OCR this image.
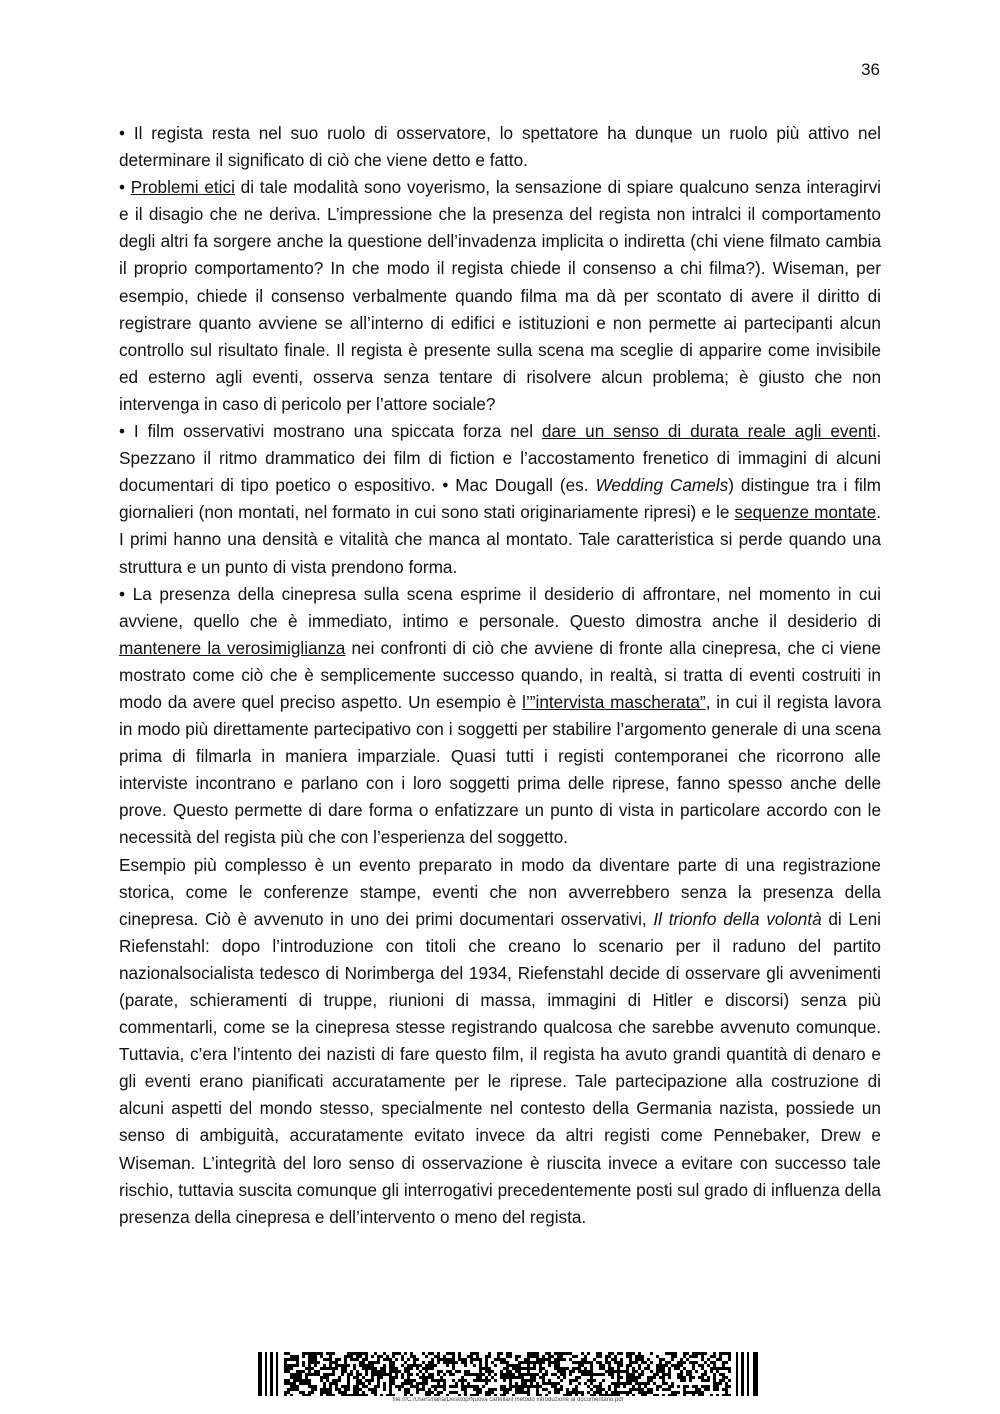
36

• Il regista resta nel suo ruolo di osservatore, lo spettatore ha dunque un ruolo più attivo nel determinare il significato di ciò che viene detto e fatto.

• Problemi etici di tale modalità sono voyerismo, la sensazione di spiare qualcuno senza interagirvi e il disagio che ne deriva. L’impressione che la presenza del regista non intralci il comportamento degli altri fa sorgere anche la questione dell’invadenza implicita o indiretta (chi viene filmato cambia il proprio comportamento? In che modo il regista chiede il consenso a chi filma?). Wiseman, per esempio, chiede il consenso verbalmente quando filma ma dà per scontato di avere il diritto di registrare quanto avviene se all’interno di edifici e istituzioni e non permette ai partecipanti alcun controllo sul risultato finale. Il regista è presente sulla scena ma sceglie di apparire come invisibile ed esterno agli eventi, osserva senza tentare di risolvere alcun problema; è giusto che non intervenga in caso di pericolo per l’attore sociale?

• I film osservativi mostrano una spiccata forza nel dare un senso di durata reale agli eventi. Spezzano il ritmo drammatico dei film di fiction e l’accostamento frenetico di immagini di alcuni documentari di tipo poetico o espositivo. • Mac Dougall (es. Wedding Camels) distingue tra i film giornalieri (non montati, nel formato in cui sono stati originariamente ripresi) e le sequenze montate. I primi hanno una densità e vitalità che manca al montato. Tale caratteristica si perde quando una struttura e un punto di vista prendono forma.

• La presenza della cinepresa sulla scena esprime il desiderio di affrontare, nel momento in cui avviene, quello che è immediato, intimo e personale. Questo dimostra anche il desiderio di mantenere la verosimiglianza nei confronti di ciò che avviene di fronte alla cinepresa, che ci viene mostrato come ciò che è semplicemente successo quando, in realtà, si tratta di eventi costruiti in modo da avere quel preciso aspetto. Un esempio è l’”intervista mascherata”, in cui il regista lavora in modo più direttamente partecipativo con i soggetti per stabilire l’argomento generale di una scena prima di filmarla in maniera imparziale. Quasi tutti i registi contemporanei che ricorrono alle interviste incontrano e parlano con i loro soggetti prima delle riprese, fanno spesso anche delle prove. Questo permette di dare forma o enfatizzare un punto di vista in particolare accordo con le necessità del regista più che con l’esperienza del soggetto.

Esempio più complesso è un evento preparato in modo da diventare parte di una registrazione storica, come le conferenze stampe, eventi che non avverrebbero senza la presenza della cinepresa. Ciò è avvenuto in uno dei primi documentari osservativi, Il trionfo della volontà di Leni Riefenstahl: dopo l’introduzione con titoli che creano lo scenario per il raduno del partito nazionalsocialista tedesco di Norimberga del 1934, Riefenstahl decide di osservare gli avvenimenti (parate, schieramenti di truppe, riunioni di massa, immagini di Hitler e discorsi) senza più commentarli, come se la cinepresa stesse registrando qualcosa che sarebbe avvenuto comunque. Tuttavia, c’era l’intento dei nazisti di fare questo film, il regista ha avuto grandi quantità di denaro e gli eventi erano pianificati accuratamente per le riprese. Tale partecipazione alla costruzione di alcuni aspetti del mondo stesso, specialmente nel contesto della Germania nazista, possiede un senso di ambiguità, accuratamente evitato invece da altri registi come Pennebaker, Drew e Wiseman. L’integrità del loro senso di osservazione è riuscita invece a evitare con successo tale rischio, tuttavia suscita comunque gli interrogativi precedentemente posti sul grado di influenza della presenza della cinepresa e dell’intervento o meno del regista.

file:///C:/Users/Ilaria/Desktop/Nuova cartella/il metodo introduzione al documentario.pdf
